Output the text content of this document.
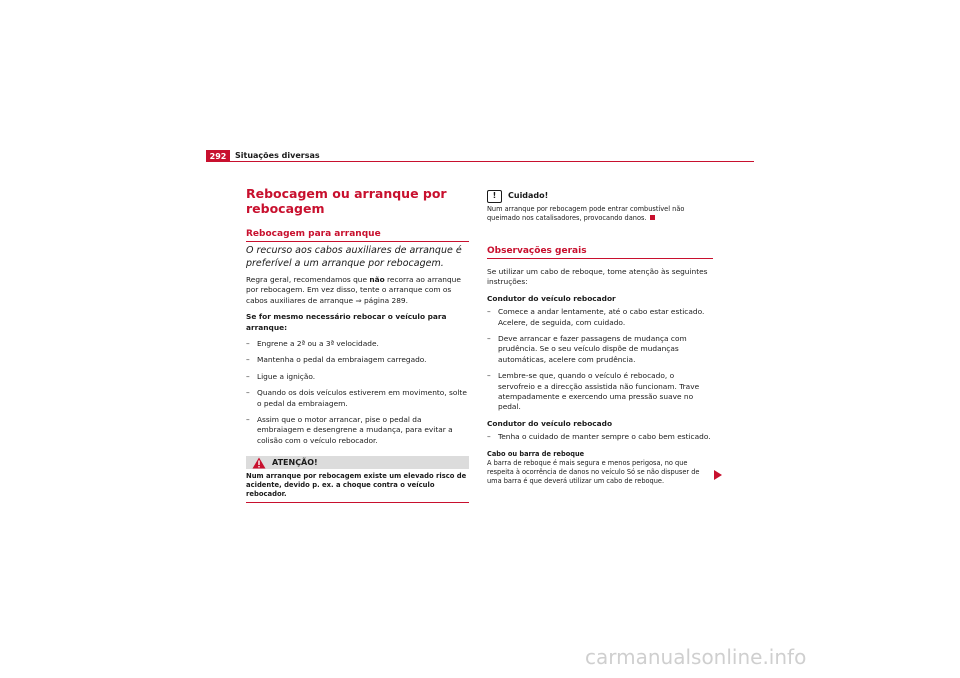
292	Situações diversas
Rebocagem ou arranque por rebocagem
Rebocagem para arranque
O recurso aos cabos auxiliares de arranque é preferível a um arranque por rebocagem.

Regra geral, recomendamos que não recorra ao arranque por rebocagem. Em vez disso, tente o arranque com os cabos auxiliares de arranque ⇒ página 289.

Se for mesmo necessário rebocar o veículo para arranque:

– Engrene a 2ª ou a 3ª velocidade.
– Mantenha o pedal da embraiagem carregado.
– Ligue a ignição.
– Quando os dois veículos estiverem em movimento, solte o pedal da embraiagem.
– Assim que o motor arrancar, pise o pedal da embraiagem e desengrene a mudança, para evitar a colisão com o veículo rebocador.
ATENÇÃO!
Num arranque por rebocagem existe um elevado risco de acidente, devido p. ex. a choque contra o veículo rebocador.
!	Cuidado!
Num arranque por rebocagem pode entrar combustível não queimado nos catalisadores, provocando danos.
Observações gerais

Se utilizar um cabo de reboque, tome atenção às seguintes instruções:

Condutor do veículo rebocador

– Comece a andar lentamente, até o cabo estar esticado. Acelere, de seguida, com cuidado.
– Deve arrancar e fazer passagens de mudança com prudência. Se o seu veículo dispõe de mudanças automáticas, acelere com prudência.
– Lembre-se que, quando o veículo é rebocado, o servofreio e a direcção assistida não funcionam. Trave atempadamente e exercendo uma pressão suave no pedal.

Condutor do veículo rebocado

– Tenha o cuidado de manter sempre o cabo bem esticado.
Cabo ou barra de reboque
A barra de reboque é mais segura e menos perigosa, no que respeita à ocorrência de danos no veículo Só se não dispuser de uma barra é que deverá utilizar um cabo de reboque.
carmanualsonline.info
